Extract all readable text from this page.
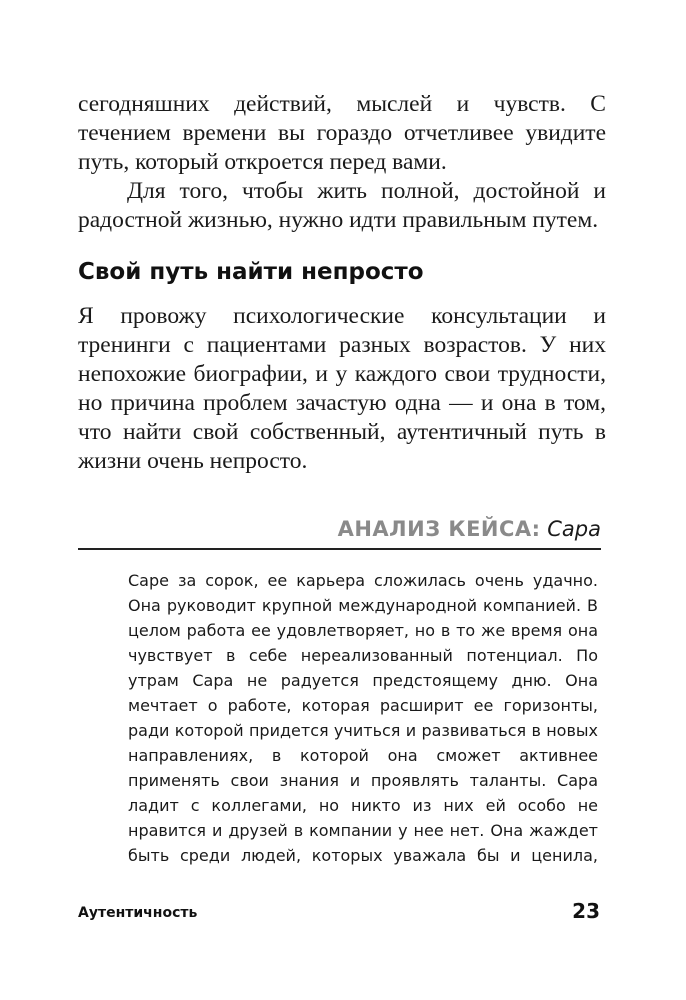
сегодняшних действий, мыслей и чувств. С течением времени вы гораздо отчетливее увидите путь, который откроется перед вами.

Для того, чтобы жить полной, достойной и радостной жизнью, нужно идти правильным путем.

Свой путь найти непросто

Я провожу психологические консультации и тренинги с пациентами разных возрастов. У них непохожие биографии, и у каждого свои трудности, но причина проблем зачастую одна — и она в том, что найти свой собственный, аутентичный путь в жизни очень непросто.

АНАЛИЗ КЕЙСА: Сара

Саре за сорок, ее карьера сложилась очень удачно. Она руководит крупной международной компанией. В целом работа ее удовлетворяет, но в то же время она чувствует в себе нереализованный потенциал. По утрам Сара не радуется предстоящему дню. Она мечтает о работе, которая расширит ее горизонты, ради которой придется учиться и развиваться в новых направлениях, в которой она сможет активнее применять свои знания и проявлять таланты. Сара ладит с коллегами, но никто из них ей особо не нравится и друзей в компании у нее нет. Она жаждет быть среди людей, которых уважала бы и ценила,

Аутентичность	23
